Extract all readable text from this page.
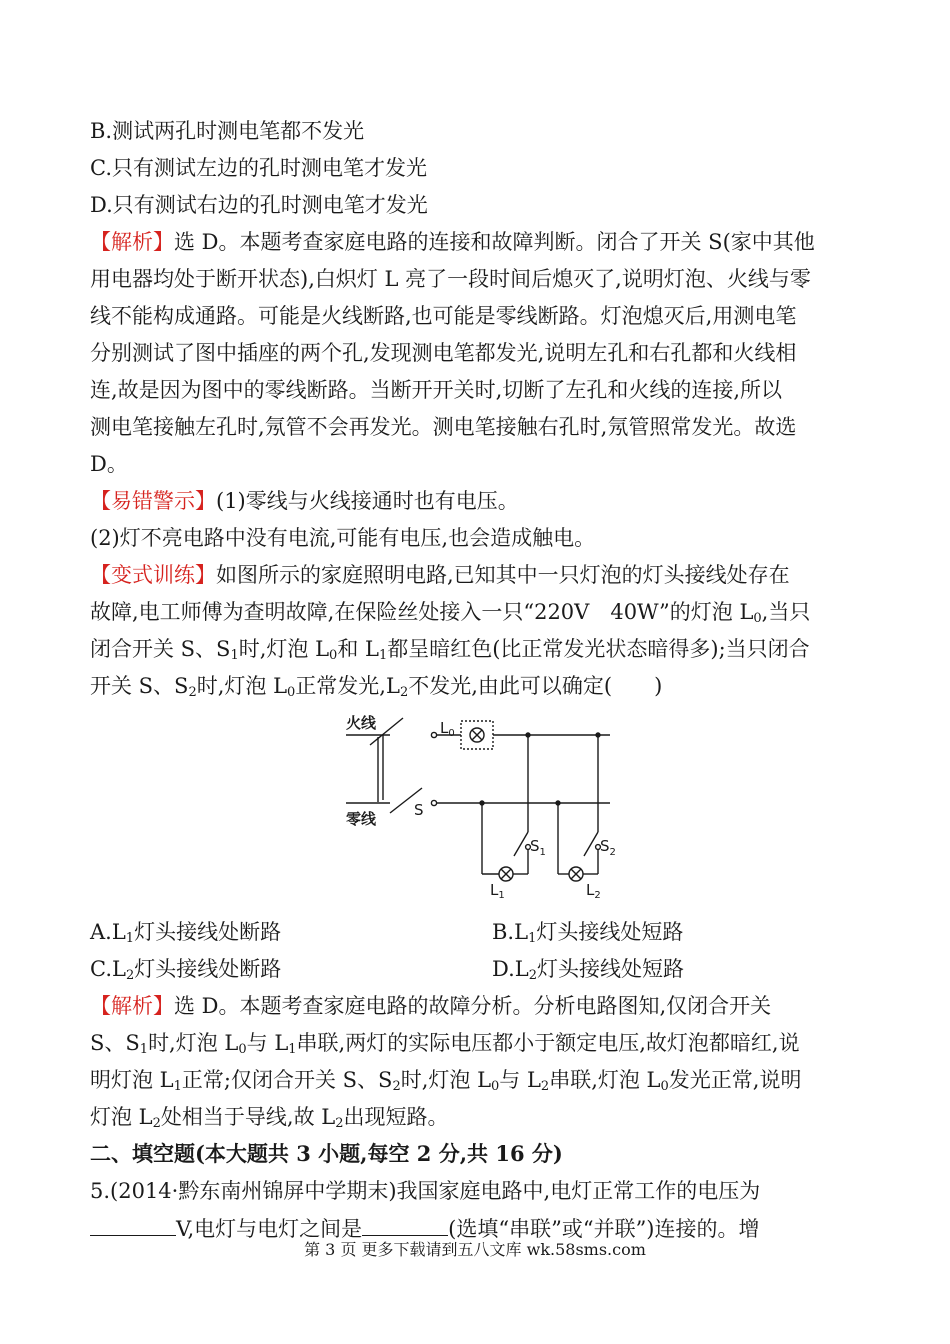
B.测试两孔时测电笔都不发光
C.只有测试左边的孔时测电笔才发光
D.只有测试右边的孔时测电笔才发光
【解析】选 D。本题考查家庭电路的连接和故障判断。闭合了开关 S(家中其他
用电器均处于断开状态),白炽灯 L 亮了一段时间后熄灭了,说明灯泡、火线与零
线不能构成通路。可能是火线断路,也可能是零线断路。灯泡熄灭后,用测电笔
分别测试了图中插座的两个孔,发现测电笔都发光,说明左孔和右孔都和火线相
连,故是因为图中的零线断路。当断开开关时,切断了左孔和火线的连接,所以
测电笔接触左孔时,氖管不会再发光。测电笔接触右孔时,氖管照常发光。故选
D。
【易错警示】(1)零线与火线接通时也有电压。
(2)灯不亮电路中没有电流,可能有电压,也会造成触电。
【变式训练】如图所示的家庭照明电路,已知其中一只灯泡的灯头接线处存在
故障,电工师傅为查明故障,在保险丝处接入一只“220V　40W”的灯泡 $L_0$,当只
闭合开关 S、$S_1$时,灯泡 $L_0$和 $L_1$都呈暗红色(比正常发光状态暗得多);当只闭合
开关 S、$S_2$时,灯泡 $L_0$正常发光$,L_2$不发光,由此可以确定(　　)
火线
零线	S
$L_0$
$S_1$	$S_2$
$L_1$	$L_2$
$A.L_1$灯头接线处断路	$B.L_1$灯头接线处短路
$C.L_2$灯头接线处断路	$D.L_2$灯头接线处短路
【解析】选 D。本题考查家庭电路的故障分析。分析电路图知,仅闭合开关
S、$S_1$时,灯泡 $L_0$与 $L_1$串联,两灯的实际电压都小于额定电压,故灯泡都暗红,说
明灯泡 $L_1$正常;仅闭合开关 S、$S_2$时,灯泡 $L_0$与 $L_2$串联,灯泡 $L_0$发光正常,说明
灯泡 $L_2$处相当于导线,故 $L_2$出现短路。
二、填空题(本大题共 3 小题,每空 2 分,共 16 分)
5.(2014·黔东南州锦屏中学期末)我国家庭电路中,电灯正常工作的电压为
V,电灯与电灯之间是	(选填“串联”或“并联”)连接的。增
第 3 页 更多下载请到五八文库 wk.58sms.com
